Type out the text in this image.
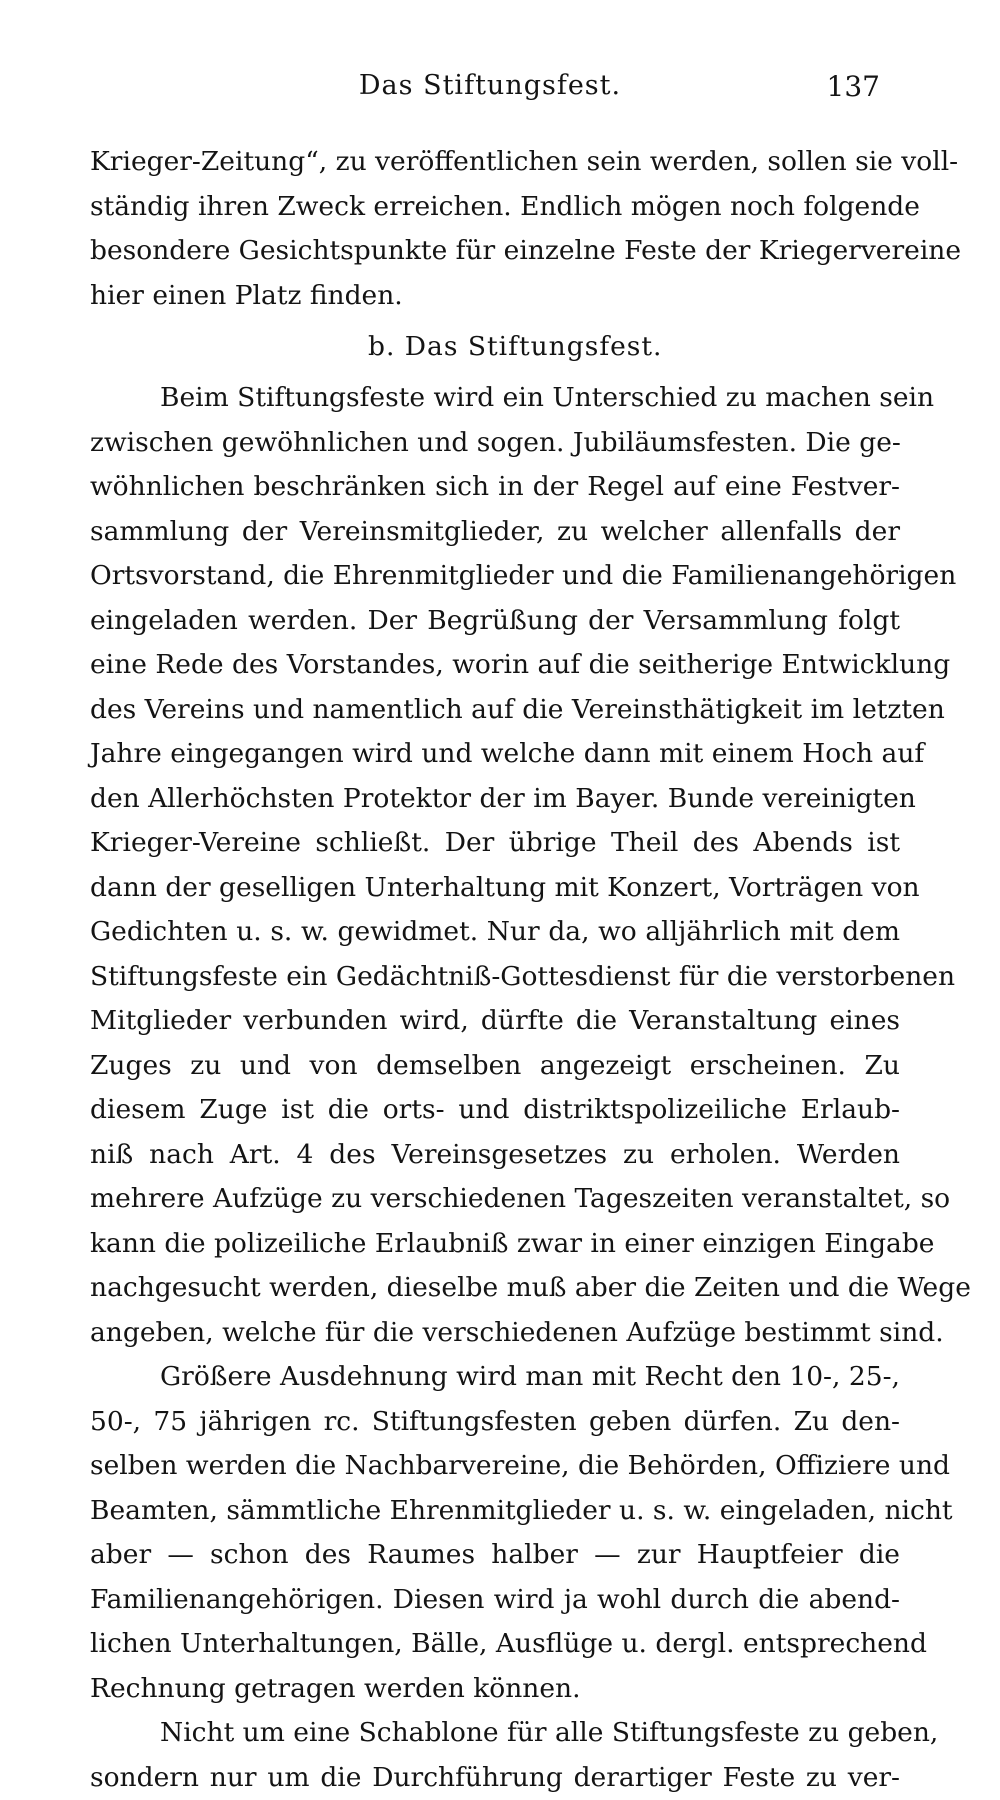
Das Stiftungsfest.	137
Krieger-Zeitung“, zu veröffentlichen sein werden, sollen sie voll-
ständig ihren Zweck erreichen. Endlich mögen noch folgende
besondere Gesichtspunkte für einzelne Feste der Kriegervereine
hier einen Platz finden.
b. Das Stiftungsfest.
Beim Stiftungsfeste wird ein Unterschied zu machen sein
zwischen gewöhnlichen und sogen. Jubiläumsfesten. Die ge-
wöhnlichen beschränken sich in der Regel auf eine Festver-
sammlung der Vereinsmitglieder, zu welcher allenfalls der
Ortsvorstand, die Ehrenmitglieder und die Familienangehörigen
eingeladen werden. Der Begrüßung der Versammlung folgt
eine Rede des Vorstandes, worin auf die seitherige Entwicklung
des Vereins und namentlich auf die Vereinsthätigkeit im letzten
Jahre eingegangen wird und welche dann mit einem Hoch auf
den Allerhöchsten Protektor der im Bayer. Bunde vereinigten
Krieger-Vereine schließt. Der übrige Theil des Abends ist
dann der geselligen Unterhaltung mit Konzert, Vorträgen von
Gedichten u. s. w. gewidmet. Nur da, wo alljährlich mit dem
Stiftungsfeste ein Gedächtniß-Gottesdienst für die verstorbenen
Mitglieder verbunden wird, dürfte die Veranstaltung eines
Zuges zu und von demselben angezeigt erscheinen. Zu
diesem Zuge ist die orts- und distriktspolizeiliche Erlaub-
niß nach Art. 4 des Vereinsgesetzes zu erholen. Werden
mehrere Aufzüge zu verschiedenen Tageszeiten veranstaltet, so
kann die polizeiliche Erlaubniß zwar in einer einzigen Eingabe
nachgesucht werden, dieselbe muß aber die Zeiten und die Wege
angeben, welche für die verschiedenen Aufzüge bestimmt sind.
Größere Ausdehnung wird man mit Recht den 10-, 25-,
50-, 75 jährigen rc. Stiftungsfesten geben dürfen. Zu den-
selben werden die Nachbarvereine, die Behörden, Offiziere und
Beamten, sämmtliche Ehrenmitglieder u. s. w. eingeladen, nicht
aber — schon des Raumes halber — zur Hauptfeier die
Familienangehörigen. Diesen wird ja wohl durch die abend-
lichen Unterhaltungen, Bälle, Ausflüge u. dergl. entsprechend
Rechnung getragen werden können.
Nicht um eine Schablone für alle Stiftungsfeste zu geben,
sondern nur um die Durchführung derartiger Feste zu ver-
